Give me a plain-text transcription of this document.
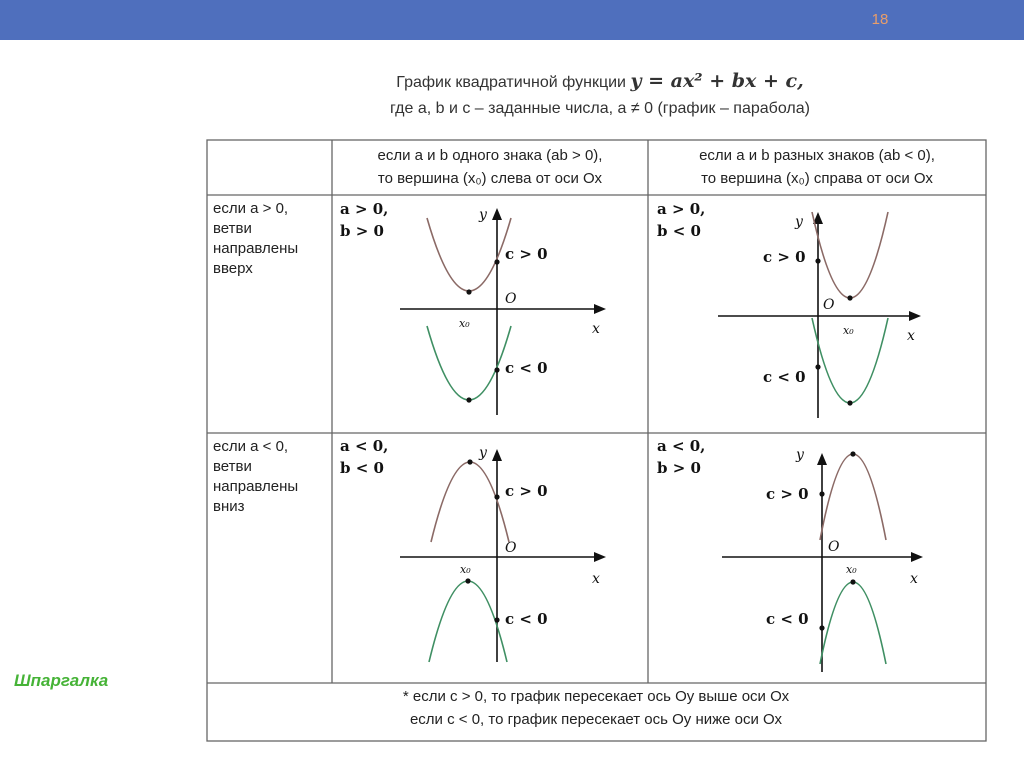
18
График квадратичной функции y = ax² + bx + c,
где a, b и c – заданные числа, a ≠ 0 (график – парабола)
если a и b одного знака (ab > 0),
то вершина (x₀) слева от оси Ох
если a и b разных знаков (ab < 0),
то вершина (x₀) справа от оси Ох
если a > 0,
ветви
направлены
вверх
если a < 0,
ветви
направлены
вниз
a > 0,
b > 0
a > 0,
b < 0
a < 0,
b < 0
a < 0,
b > 0
y
x
O
x₀
c > 0
c < 0
y
x
O
x₀
c > 0
c < 0
y
x
O
x₀
c > 0
c < 0
y
x
O
x₀
c > 0
c < 0
* если c > 0, то график пересекает ось Оу выше оси Ох
если c < 0, то график пересекает ось Оу ниже оси Ох
Шпаргалка
